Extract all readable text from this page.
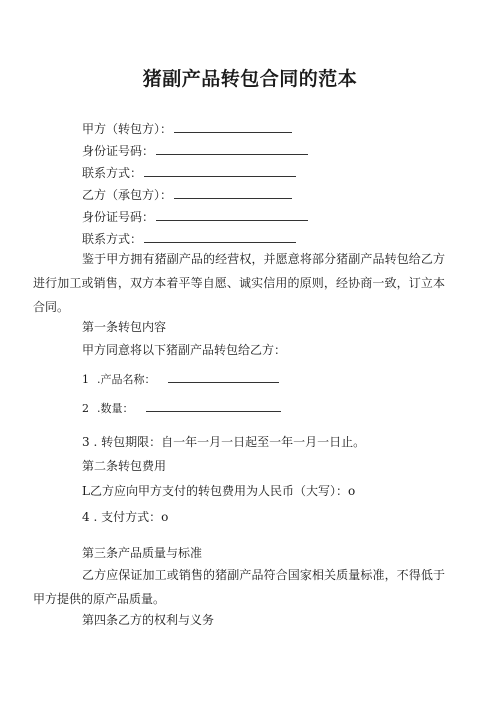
猪副产品转包合同的范本
甲方（转包方）：
身份证号码：
联系方式：
乙方（承包方）：
身份证号码：
联系方式：
鉴于甲方拥有猪副产品的经营权，并愿意将部分猪副产品转包给乙方进行加工或销售，双方本着平等自愿、诚实信用的原则，经协商一致，订立本合同。
第一条转包内容
甲方同意将以下猪副产品转包给乙方：
1 .产品名称：
2 .数量：
3 . 转包期限：自一年一月一日起至一年一月一日止。
第二条转包费用
L乙方应向甲方支付的转包费用为人民币（大写）：o
4 . 支付方式：o
第三条产品质量与标准
乙方应保证加工或销售的猪副产品符合国家相关质量标准，不得低于甲方提供的原产品质量。
第四条乙方的权利与义务
